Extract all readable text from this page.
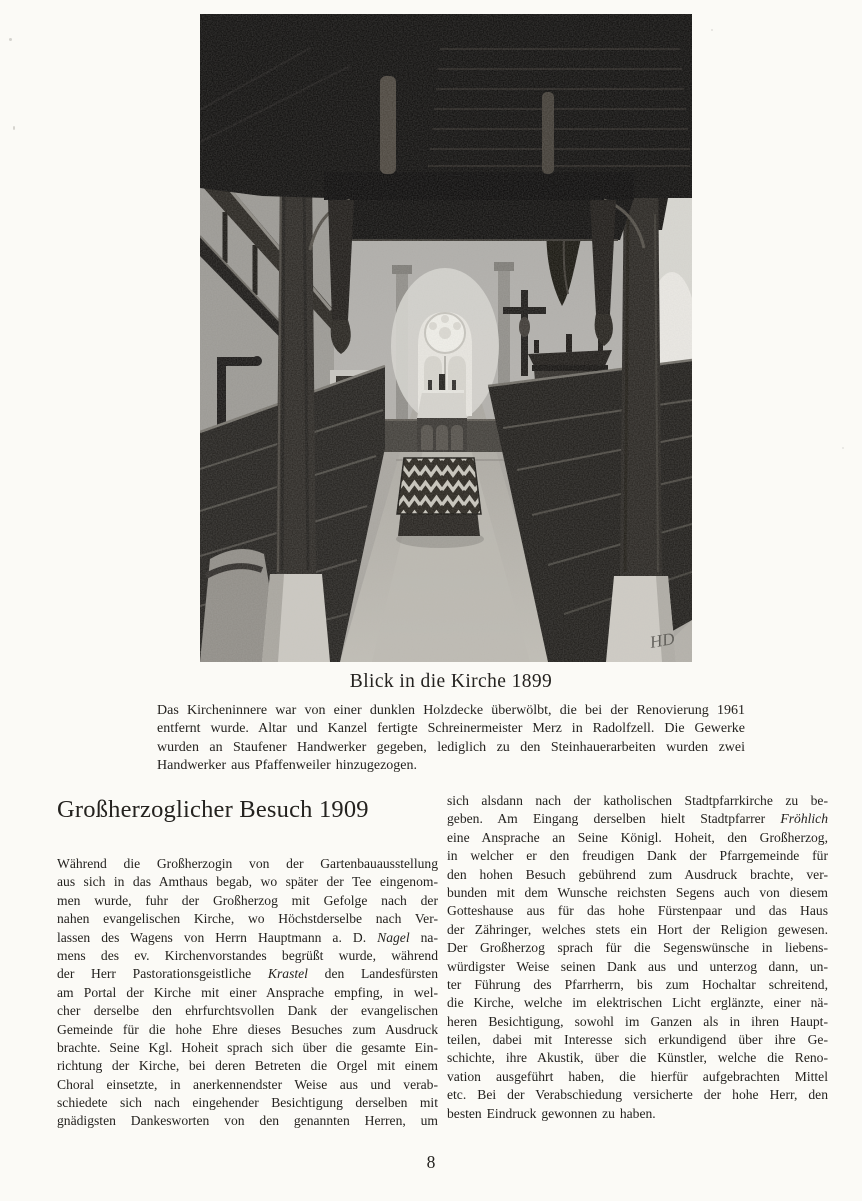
Blick in die Kirche 1899
Das Kircheninnere war von einer dunklen Holzdecke überwölbt, die bei der Renovierung 1961
entfernt wurde. Altar und Kanzel fertigte Schreinermeister Merz in Radolfzell. Die Gewerke
wurden an Staufener Handwerker gegeben, lediglich zu den Steinhauerarbeiten wurden zwei
Handwerker aus Pfaffenweiler hinzugezogen.
Großherzoglicher Besuch 1909
Während die Großherzogin von der Gartenbauausstellung
aus sich in das Amthaus begab, wo später der Tee eingenom-
men wurde, fuhr der Großherzog mit Gefolge nach der
nahen evangelischen Kirche, wo Höchstderselbe nach Ver-
lassen des Wagens von Herrn Hauptmann a. D. Nagel na-
mens des ev. Kirchenvorstandes begrüßt wurde, während
der Herr Pastorationsgeistliche Krastel den Landesfürsten
am Portal der Kirche mit einer Ansprache empfing, in wel-
cher derselbe den ehrfurchtsvollen Dank der evangelischen
Gemeinde für die hohe Ehre dieses Besuches zum Ausdruck
brachte. Seine Kgl. Hoheit sprach sich über die gesamte Ein-
richtung der Kirche, bei deren Betreten die Orgel mit einem
Choral einsetzte, in anerkennendster Weise aus und verab-
schiedete sich nach eingehender Besichtigung derselben mit
gnädigsten Dankesworten von den genannten Herren, um
sich alsdann nach der katholischen Stadtpfarrkirche zu be-
geben. Am Eingang derselben hielt Stadtpfarrer Fröhlich
eine Ansprache an Seine Königl. Hoheit, den Großherzog,
in welcher er den freudigen Dank der Pfarrgemeinde für
den hohen Besuch gebührend zum Ausdruck brachte, ver-
bunden mit dem Wunsche reichsten Segens auch von diesem
Gotteshause aus für das hohe Fürstenpaar und das Haus
der Zähringer, welches stets ein Hort der Religion gewesen.
Der Großherzog sprach für die Segenswünsche in liebens-
würdigster Weise seinen Dank aus und unterzog dann, un-
ter Führung des Pfarrherrn, bis zum Hochaltar schreitend,
die Kirche, welche im elektrischen Licht erglänzte, einer nä-
heren Besichtigung, sowohl im Ganzen als in ihren Haupt-
teilen, dabei mit Interesse sich erkundigend über ihre Ge-
schichte, ihre Akustik, über die Künstler, welche die Reno-
vation ausgeführt haben, die hierfür aufgebrachten Mittel
etc. Bei der Verabschiedung versicherte der hohe Herr, den
besten Eindruck gewonnen zu haben.
8
